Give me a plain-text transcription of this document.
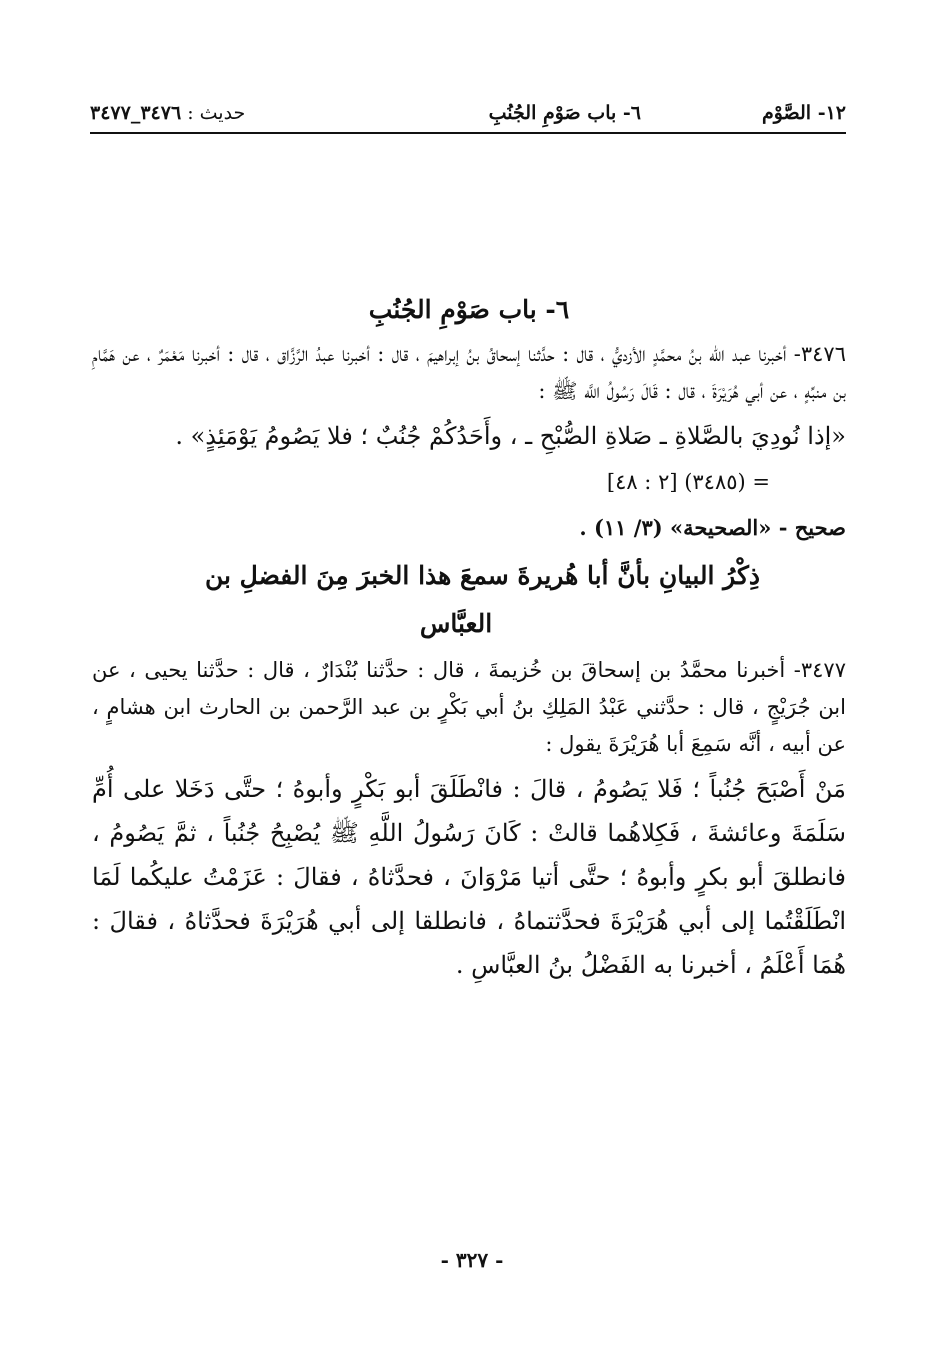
١٢- الصَّوْم
٦- باب صَوْمِ الجُنُبِ
حديث : ٣٤٧٦_٣٤٧٧
٦- باب صَوْمِ الجُنُبِ

٣٤٧٦- أخبرنا عبد اللّه بنُ محمَّدٍ الأزديُّ ، قال : حدَّثنا إسحاقُ بنُ إبراهيمَ ، قال : أخبرنا عبدُ الرَّزَّاق ، قال : أخبرنا مَعْمَرٌ ، عن هَمَّامِ بن منبِّهٍ ، عن أبي هُرَيْرَةَ ، قال : قَالَ رَسُولُ اللَّه ﷺ :

«إذا نُودِيَ بالصَّلاةِ ـ صَلاةِ الصُّبْحِ ـ ، وأَحَدُكُمْ جُنُبٌ ؛ فلا يَصُومُ يَوْمَئِذٍ» .

= (٣٤٨٥) [٢ : ٤٨]

صحيح - «الصحيحة» (٣/ ١١) .

ذِكْرُ البيانِ بأنَّ أبا هُريرةَ سمعَ هذا الخبرَ مِنَ الفضلِ بن
العبَّاس

٣٤٧٧- أخبرنا محمَّدُ بن إسحاقَ بن خُزيمةَ ، قال : حدَّثنا بُنْدَارٌ ، قال : حدَّثنا يحيى ، عن ابن جُرَيْجٍ ، قال : حدَّثني عَبْدُ المَلِكِ بنُ أبي بَكْرٍ بن عبد الرَّحمن بن الحارث ابن هشامٍ ، عن أبيه ، أنَّه سَمِعَ أبا هُرَيْرَةَ يقول :

مَنْ أَصْبَحَ جُنُباً ؛ فَلا يَصُومُ ، قالَ : فانْطَلَقَ أبو بَكْرٍ وأبوهُ ؛ حتَّى دَخَلا على أُمِّ سَلَمَةَ وعائشةَ ، فَكِلاهُما قالتْ : كَانَ رَسُولُ اللَّهِ ﷺ يُصْبِحُ جُنُباً ، ثمَّ يَصُومُ ، فانطلقَ أبو بكرٍ وأبوهُ ؛ حتَّى أتيا مَرْوَانَ ، فحدَّثاهُ ، فقالَ : عَزَمْتُ عليكُما لَمَا انْطَلَقْتُما إلى أبي هُرَيْرَةَ فحدَّثتماهُ ، فانطلقا إلى أبي هُرَيْرَةَ فحدَّثاهُ ، فقالَ : هُمَا أَعْلَمُ ، أخبرنا به الفَضْلُ بنُ العبَّاسِ .

- ٣٢٧ -
